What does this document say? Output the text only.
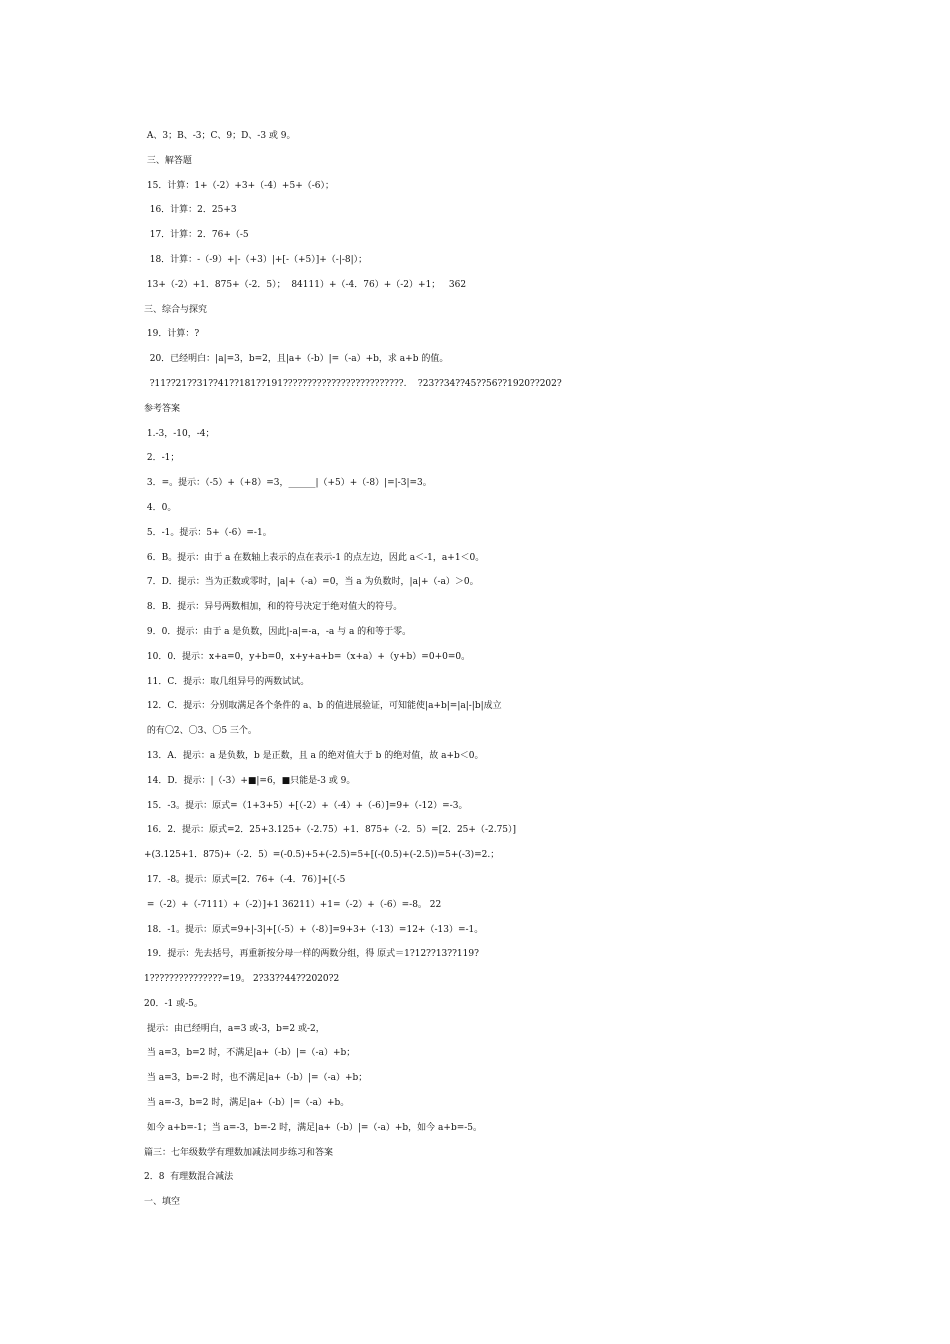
A、3；B、-3；C、9；D、-3 或 9。
三、解答题
15．计算：1+（-2）+3+（-4）+5+（-6）；
16．计算：2．25+3
17．计算：2．76+（-5
18．计算：-（-9）+|-（+3）|+[-（+5）]+（-|-8|）；
13+（-2）+1．875+（-2．5）；  84111）+（-4．76）+（-2）+1；   362
三、综合与探究
19．计算：?
20．已经明白：|a|=3，b=2，且|a+（-b）|=（-a）+b，求 a+b 的值。
?11??21??31??41??181??191?????????????????????????.    ?23??34??45??56??1920??202?
参考答案
1.-3，-10，-4；
2．-1；
3．=。提示：（-5）+（+8）=3，______|（+5）+（-8）|=|-3|=3。
4．0。
5．-1。提示：5+（-6）=-1。
6．B。提示：由于 a 在数轴上表示的点在表示-1 的点左边，因此 a＜-1，a+1＜0。
7．D．提示：当为正数或零时，|a|+（-a）=0，当 a 为负数时，|a|+（-a）＞0。
8．B．提示：异号两数相加，和的符号决定于绝对值大的符号。
9．0．提示：由于 a 是负数，因此|-a|=-a，-a 与 a 的和等于零。
10．0．提示：x+a=0，y+b=0，x+y+a+b=（x+a）+（y+b）=0+0=0。
11．C．提示：取几组异号的两数试试。
12．C．提示：分别取满足各个条件的 a、b 的值进展验证，可知能使|a+b|=|a|-|b|成立
的有〇2、〇3、〇5 三个。
13．A．提示：a 是负数，b 是正数，且 a 的绝对值大于 b 的绝对值，故 a+b＜0。
14．D．提示：|（-3）+■|=6，■只能是-3 或 9。
15．-3。提示：原式=（1+3+5）+[（-2）+（-4）+（-6）]=9+（-12）=-3。
16．2．提示：原式=2．25+3.125+（-2.75）+1．875+（-2．5）=[2．25+（-2.75）]
+(3.125+1．875)+（-2．5）=(-0.5)+5+(-2.5)=5+[(-(0.5)+(-2.5))=5+(-3)=2.；
17．-8。提示：原式=[2．76+（-4．76）]+[（-5
=（-2）+（-7111）+（-2）]+1 36211）+1=（-2）+（-6）=-8。 22
18．-1。提示：原式=9+|-3|+[（-5）+（-8）]=9+3+（-13）=12+（-13）=-1。
19．提示：先去括号，再重新按分母一样的两数分组，得 原式＝1?12??13??119?
1???????????????=19。 2?33??44??2020?2
20．-1 或-5。
提示：由已经明白，a=3 或-3，b=2 或-2，
当 a=3，b=2 时，不满足|a+（-b）|=（-a）+b；
当 a=3，b=-2 时，也不满足|a+（-b）|=（-a）+b；
当 a=-3，b=2 时，满足|a+（-b）|=（-a）+b。
如今 a+b=-1；当 a=-3，b=-2 时，满足|a+（-b）|=（-a）+b，如今 a+b=-5。
篇三：七年级数学有理数加减法同步练习和答案
2．8  有理数混合减法
一、填空
